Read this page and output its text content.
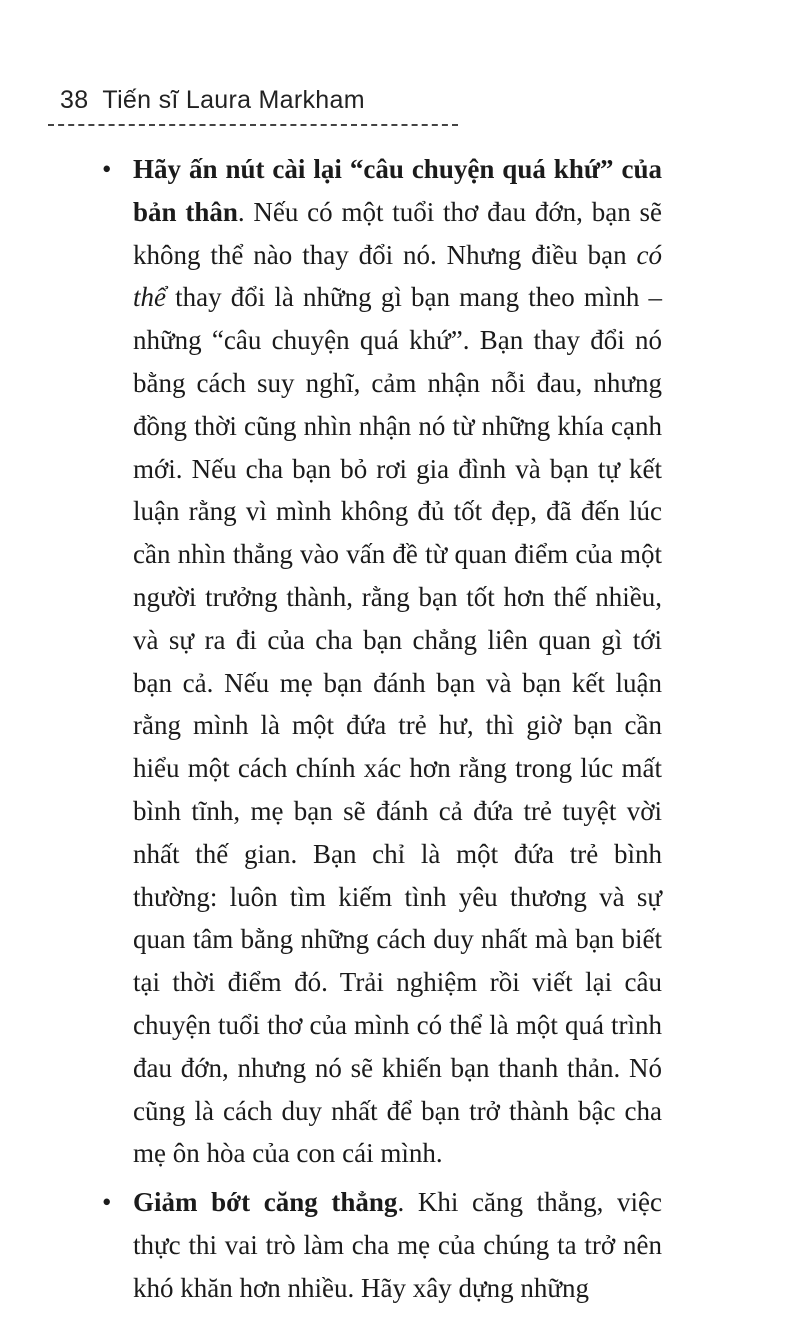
38 Tiến sĩ Laura Markham

• Hãy ấn nút cài lại “câu chuyện quá khứ” của bản thân. Nếu có một tuổi thơ đau đớn, bạn sẽ không thể nào thay đổi nó. Nhưng điều bạn có thể thay đổi là những gì bạn mang theo mình – những “câu chuyện quá khứ”. Bạn thay đổi nó bằng cách suy nghĩ, cảm nhận nỗi đau, nhưng đồng thời cũng nhìn nhận nó từ những khía cạnh mới. Nếu cha bạn bỏ rơi gia đình và bạn tự kết luận rằng vì mình không đủ tốt đẹp, đã đến lúc cần nhìn thẳng vào vấn đề từ quan điểm của một người trưởng thành, rằng bạn tốt hơn thế nhiều, và sự ra đi của cha bạn chẳng liên quan gì tới bạn cả. Nếu mẹ bạn đánh bạn và bạn kết luận rằng mình là một đứa trẻ hư, thì giờ bạn cần hiểu một cách chính xác hơn rằng trong lúc mất bình tĩnh, mẹ bạn sẽ đánh cả đứa trẻ tuyệt vời nhất thế gian. Bạn chỉ là một đứa trẻ bình thường: luôn tìm kiếm tình yêu thương và sự quan tâm bằng những cách duy nhất mà bạn biết tại thời điểm đó. Trải nghiệm rồi viết lại câu chuyện tuổi thơ của mình có thể là một quá trình đau đớn, nhưng nó sẽ khiến bạn thanh thản. Nó cũng là cách duy nhất để bạn trở thành bậc cha mẹ ôn hòa của con cái mình.

• Giảm bớt căng thẳng. Khi căng thẳng, việc thực thi vai trò làm cha mẹ của chúng ta trở nên khó khăn hơn nhiều. Hãy xây dựng những
